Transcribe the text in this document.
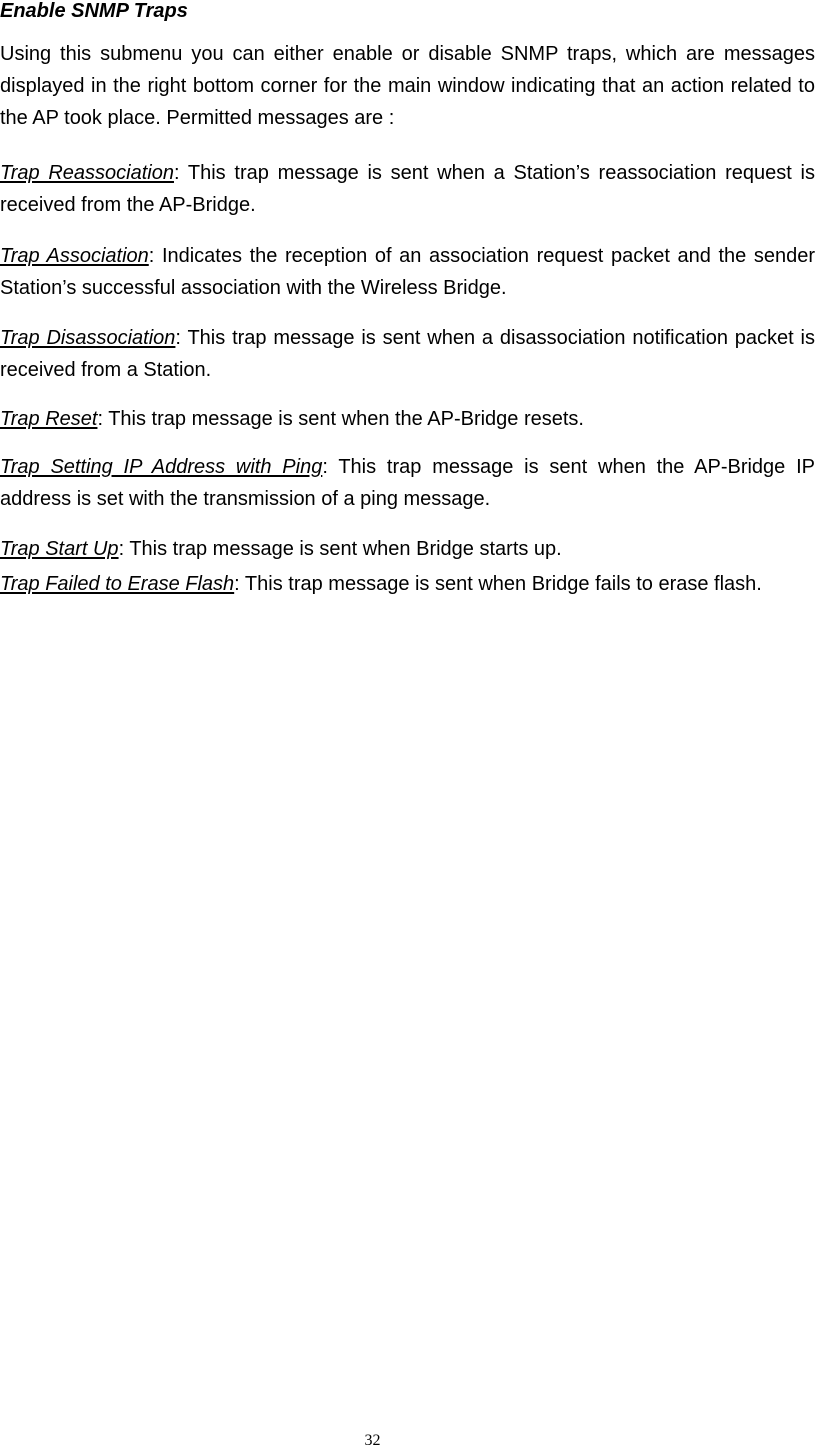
Enable SNMP Traps

Using this submenu you can either enable or disable SNMP traps, which are messages displayed in the right bottom corner for the main window indicating that an action related to the AP took place. Permitted messages are :

Trap Reassociation: This trap message is sent when a Station’s reassociation request is received from the AP-Bridge.

Trap Association: Indicates the reception of an association request packet and the sender Station’s successful association with the Wireless Bridge.

Trap Disassociation: This trap message is sent when a disassociation notification packet is received from a Station.

Trap Reset: This trap message is sent when the AP-Bridge resets.

Trap Setting IP Address with Ping: This trap message is sent when the AP-Bridge IP address is set with the transmission of a ping message.

Trap Start Up: This trap message is sent when Bridge starts up.

Trap Failed to Erase Flash: This trap message is sent when Bridge fails to erase flash.

32
